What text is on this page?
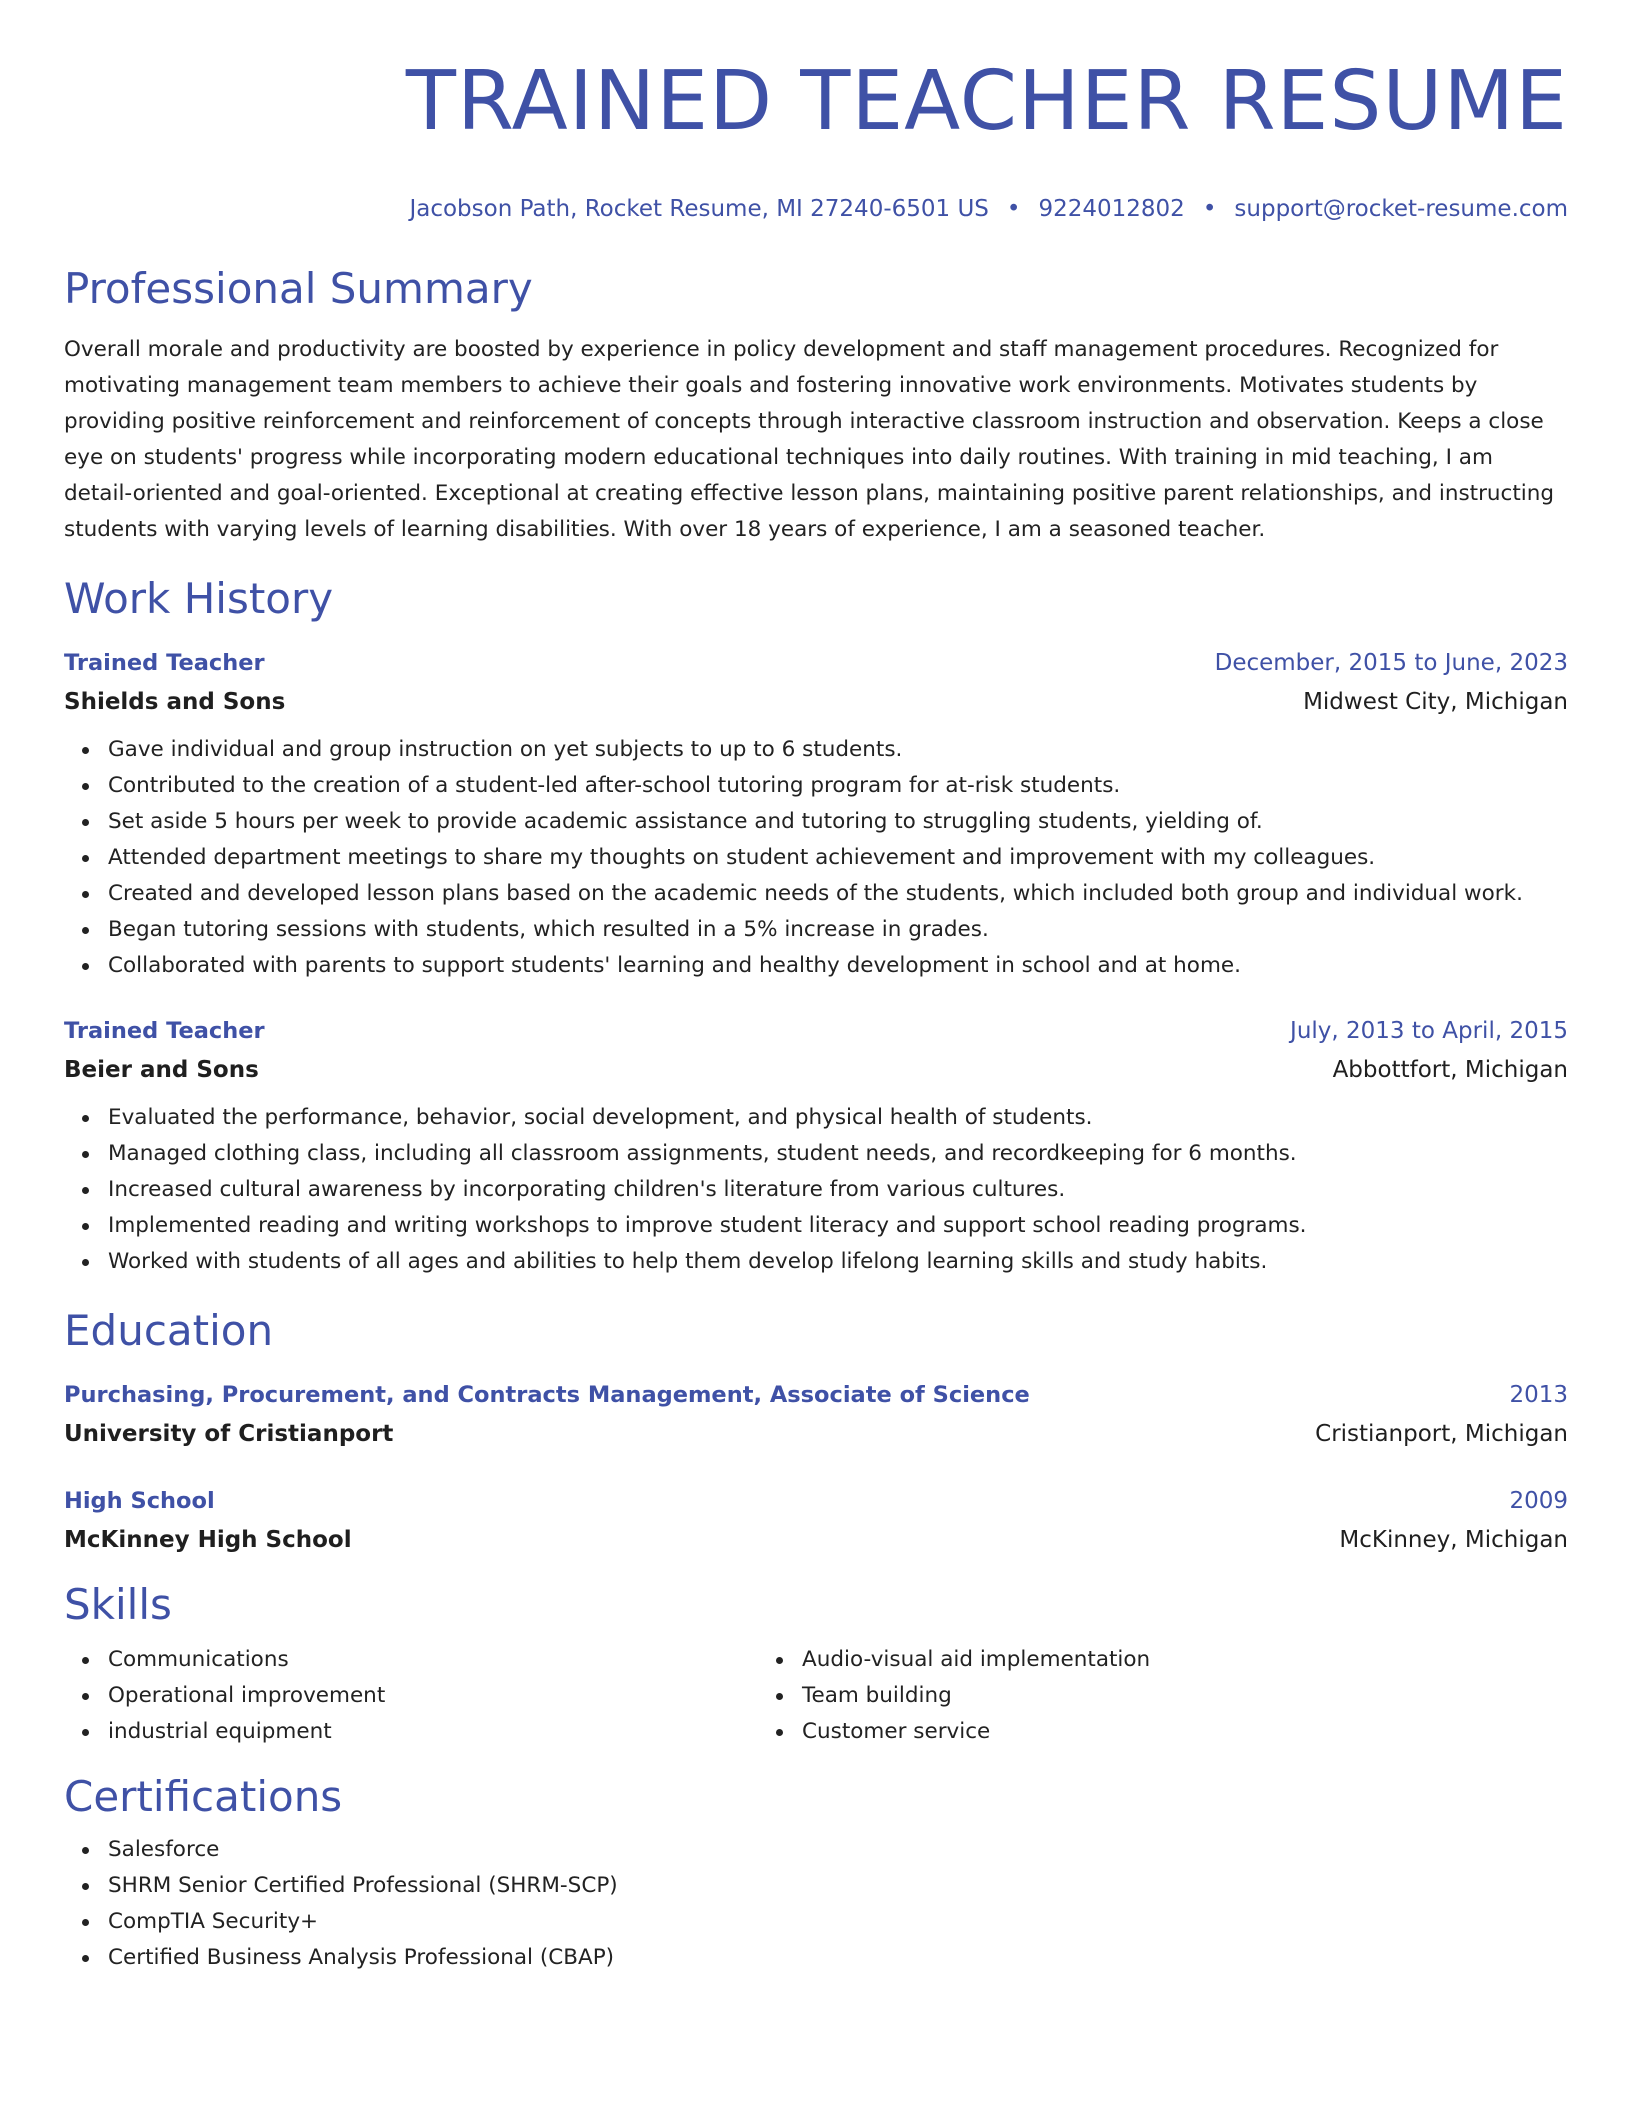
TRAINED TEACHER RESUME
Jacobson Path, Rocket Resume, MI 27240-6501 US • 9224012802 • support@rocket-resume.com
Professional Summary
Overall morale and productivity are boosted by experience in policy development and staff management procedures. Recognized for motivating management team members to achieve their goals and fostering innovative work environments. Motivates students by providing positive reinforcement and reinforcement of concepts through interactive classroom instruction and observation. Keeps a close eye on students' progress while incorporating modern educational techniques into daily routines. With training in mid teaching, I am detail-oriented and goal-oriented. Exceptional at creating effective lesson plans, maintaining positive parent relationships, and instructing students with varying levels of learning disabilities. With over 18 years of experience, I am a seasoned teacher.
Work History
Trained Teacher	December, 2015 to June, 2023
Shields and Sons	Midwest City, Michigan
Gave individual and group instruction on yet subjects to up to 6 students.
Contributed to the creation of a student-led after-school tutoring program for at-risk students.
Set aside 5 hours per week to provide academic assistance and tutoring to struggling students, yielding of.
Attended department meetings to share my thoughts on student achievement and improvement with my colleagues.
Created and developed lesson plans based on the academic needs of the students, which included both group and individual work.
Began tutoring sessions with students, which resulted in a 5% increase in grades.
Collaborated with parents to support students' learning and healthy development in school and at home.
Trained Teacher	July, 2013 to April, 2015
Beier and Sons	Abbottfort, Michigan
Evaluated the performance, behavior, social development, and physical health of students.
Managed clothing class, including all classroom assignments, student needs, and recordkeeping for 6 months.
Increased cultural awareness by incorporating children's literature from various cultures.
Implemented reading and writing workshops to improve student literacy and support school reading programs.
Worked with students of all ages and abilities to help them develop lifelong learning skills and study habits.
Education
Purchasing, Procurement, and Contracts Management, Associate of Science	2013
University of Cristianport	Cristianport, Michigan
High School	2009
McKinney High School	McKinney, Michigan
Skills
Communications
Operational improvement
industrial equipment
Audio-visual aid implementation
Team building
Customer service
Certifications
Salesforce
SHRM Senior Certified Professional (SHRM-SCP)
CompTIA Security+
Certified Business Analysis Professional (CBAP)
